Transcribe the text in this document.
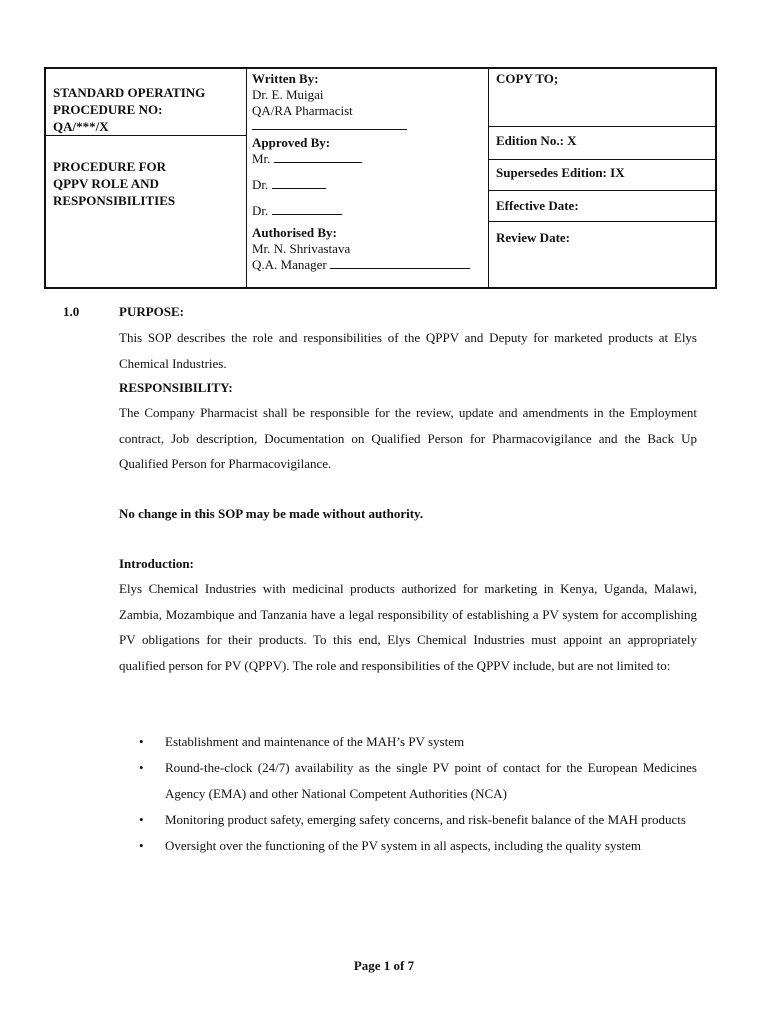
STANDARD OPERATING
PROCEDURE NO:
QA/***/X
PROCEDURE FOR
QPPV ROLE AND
RESPONSIBILITIES
Written By:
Dr. E. Muigai
QA/RA Pharmacist
Approved By:
Mr.
Dr.
Dr.
Authorised By:
Mr. N. Shrivastava
Q.A. Manager
COPY TO;
Edition No.: X
Supersedes Edition: IX
Effective Date:
Review Date:
1.0	PURPOSE:
This SOP describes the role and responsibilities of the QPPV and Deputy for marketed products at Elys Chemical Industries.
RESPONSIBILITY:
The Company Pharmacist shall be responsible for the review, update and amendments in the Employment contract, Job description, Documentation on Qualified Person for Pharmacovigilance and the Back Up Qualified Person for Pharmacovigilance.
No change in this SOP may be made without authority.
Introduction:
Elys Chemical Industries with medicinal products authorized for marketing in Kenya, Uganda, Malawi, Zambia, Mozambique and Tanzania have a legal responsibility of establishing a PV system for accomplishing PV obligations for their products. To this end, Elys Chemical Industries must appoint an appropriately qualified person for PV (QPPV). The role and responsibilities of the QPPV include, but are not limited to:
• Establishment and maintenance of the MAH’s PV system
• Round-the-clock (24/7) availability as the single PV point of contact for the European Medicines Agency (EMA) and other National Competent Authorities (NCA)
• Monitoring product safety, emerging safety concerns, and risk-benefit balance of the MAH products
• Oversight over the functioning of the PV system in all aspects, including the quality system
Page 1 of 7
